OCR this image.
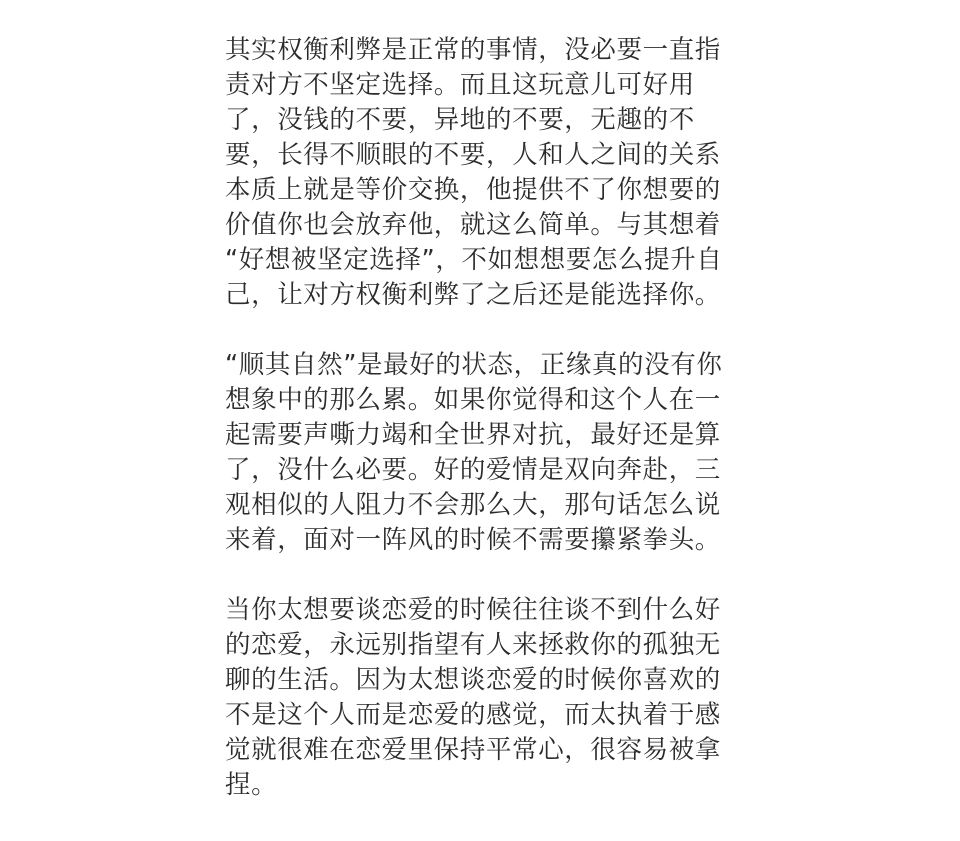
其实权衡利弊是正常的事情，没必要一直指
责对方不坚定选择。而且这玩意儿可好用
了，没钱的不要，异地的不要，无趣的不
要，长得不顺眼的不要，人和人之间的关系
本质上就是等价交换，他提供不了你想要的
价值你也会放弃他，就这么简单。与其想着
“好想被坚定选择”，不如想想要怎么提升自
己，让对方权衡利弊了之后还是能选择你。
“顺其自然”是最好的状态，正缘真的没有你
想象中的那么累。如果你觉得和这个人在一
起需要声嘶力竭和全世界对抗，最好还是算
了，没什么必要。好的爱情是双向奔赴，三
观相似的人阻力不会那么大，那句话怎么说
来着，面对一阵风的时候不需要攥紧拳头。
当你太想要谈恋爱的时候往往谈不到什么好
的恋爱，永远别指望有人来拯救你的孤独无
聊的生活。因为太想谈恋爱的时候你喜欢的
不是这个人而是恋爱的感觉，而太执着于感
觉就很难在恋爱里保持平常心，很容易被拿
捏。
